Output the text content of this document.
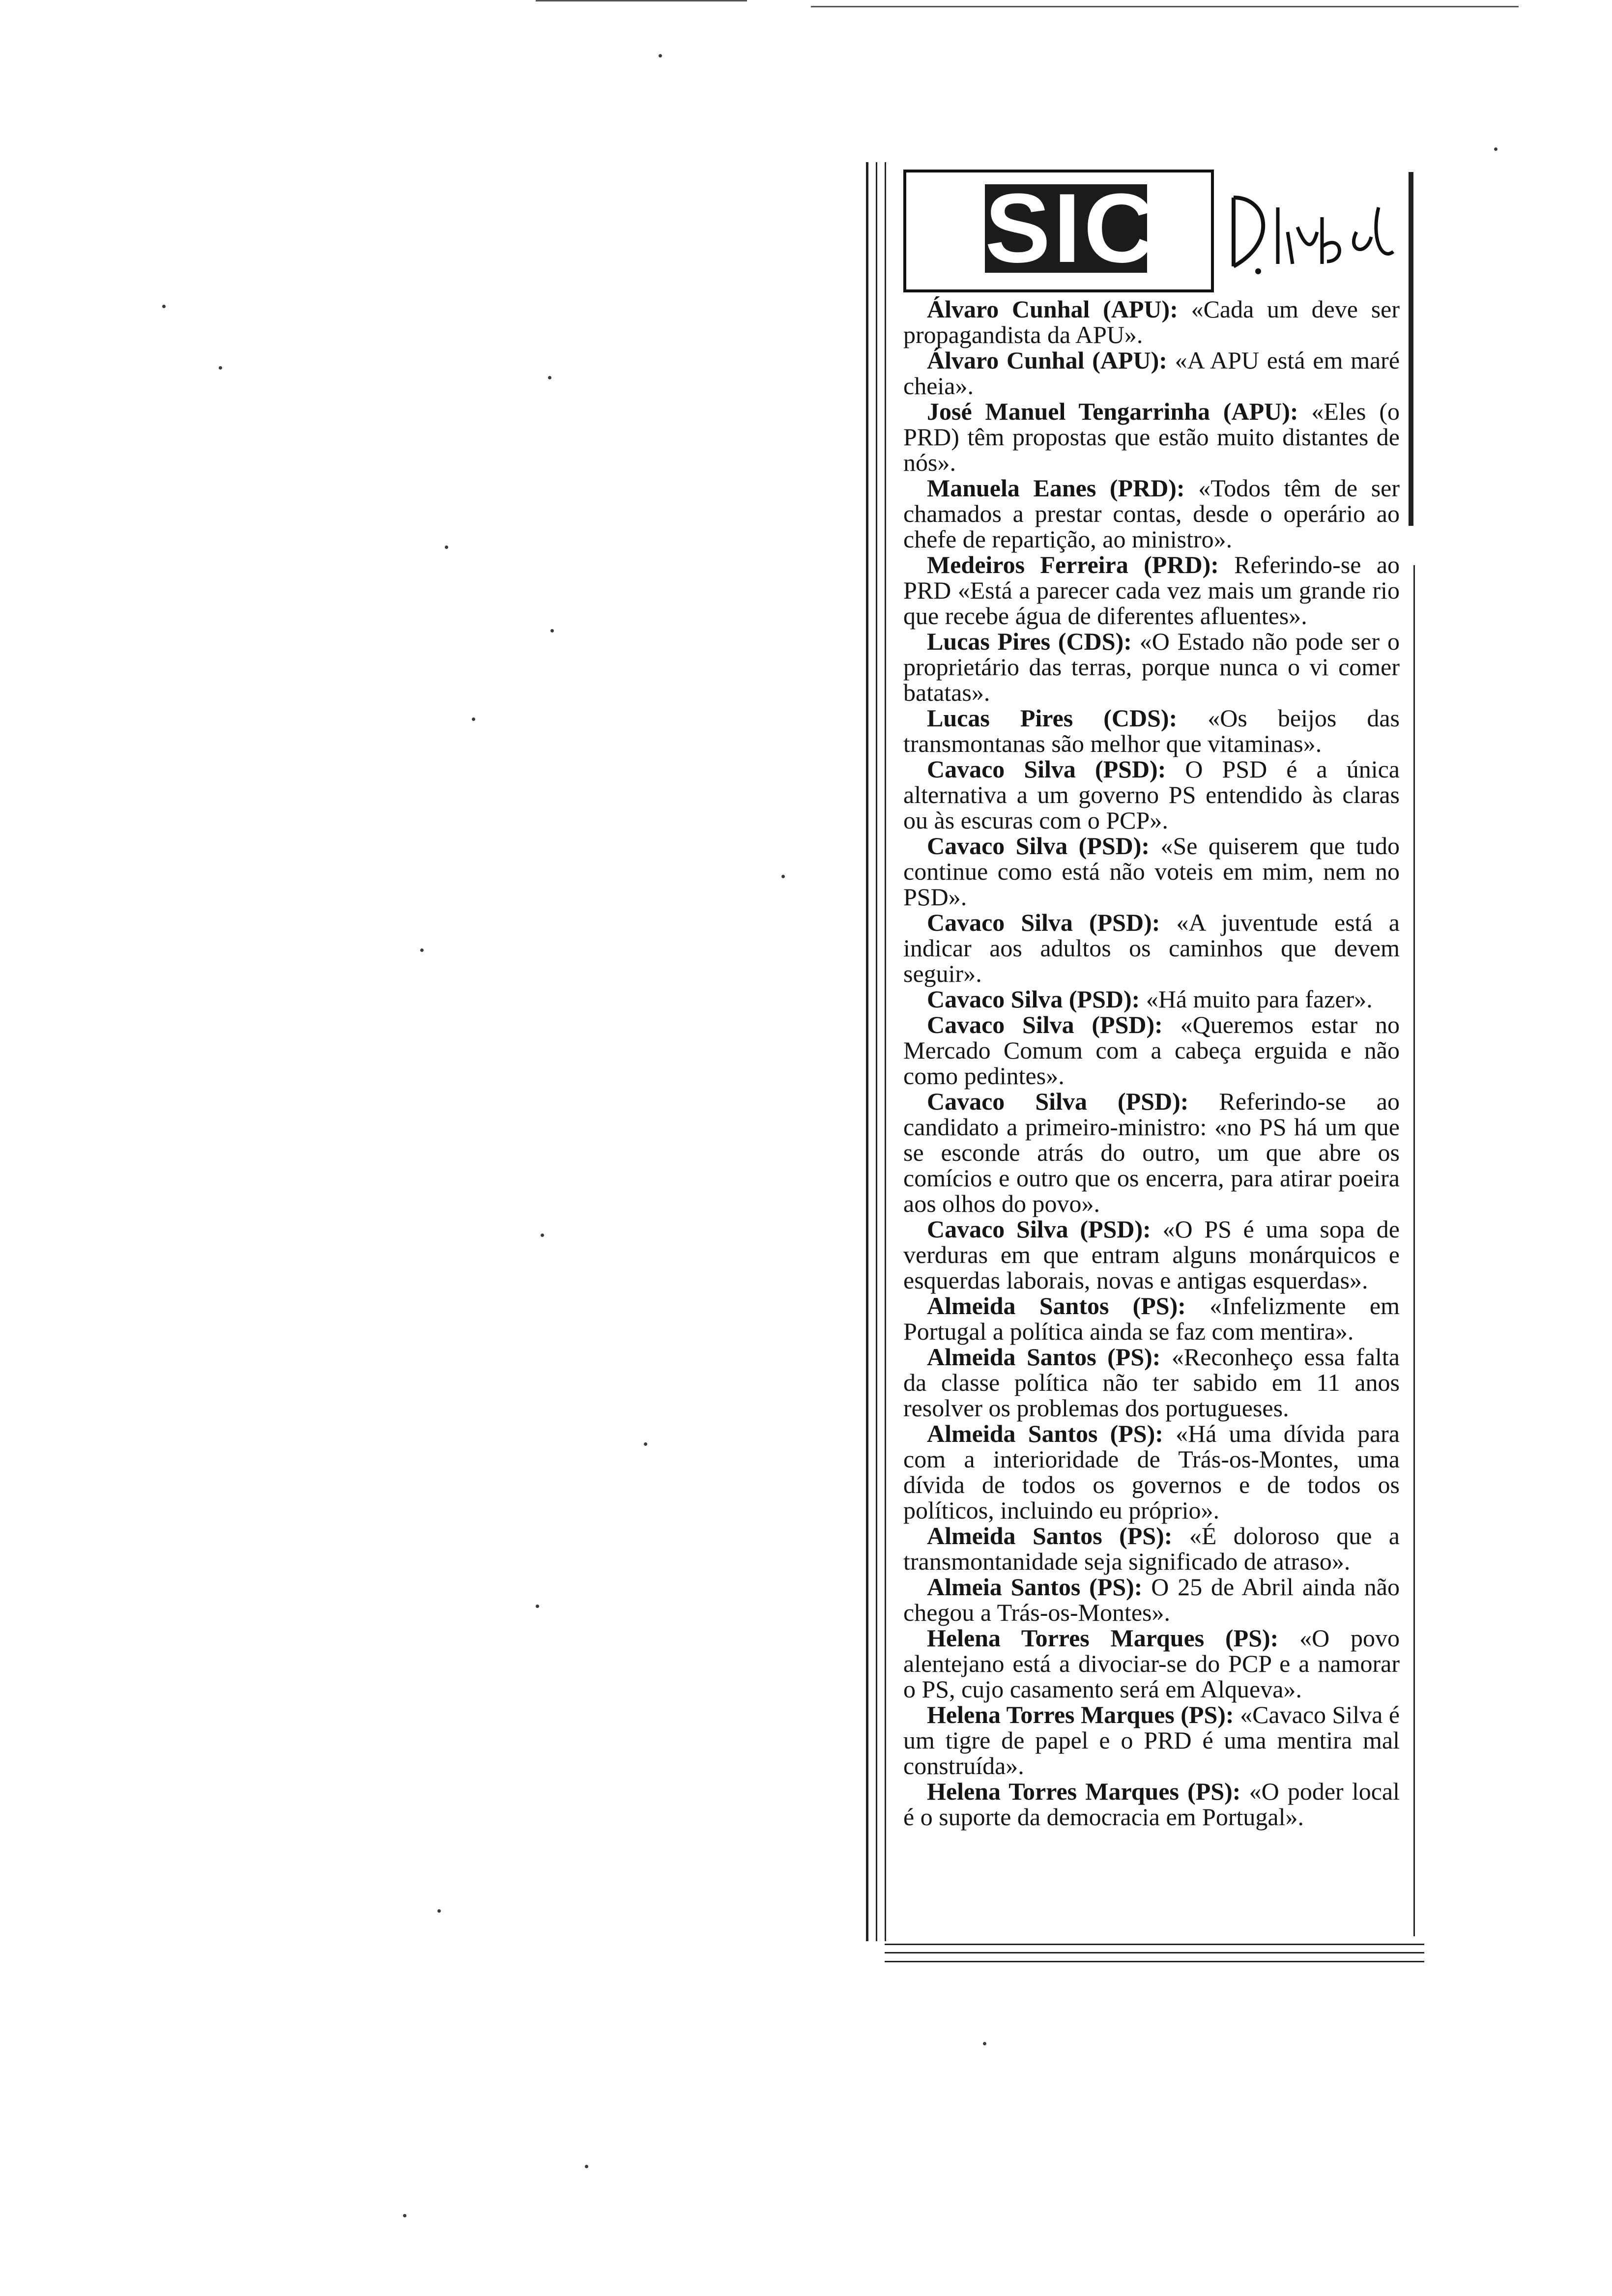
SIC

Álvaro Cunhal (APU): «Cada um deve ser propagandista da APU».

Álvaro Cunhal (APU): «A APU está em maré cheia».

José Manuel Tengarrinha (APU): «Eles (o PRD) têm propostas que estão muito distantes de nós».

Manuela Eanes (PRD): «Todos têm de ser chamados a prestar contas, desde o operário ao chefe de repartição, ao ministro».

Medeiros Ferreira (PRD): Referindo-se ao PRD «Está a parecer cada vez mais um grande rio que recebe água de diferentes afluentes».

Lucas Pires (CDS): «O Estado não pode ser o proprietário das terras, porque nunca o vi comer batatas».

Lucas Pires (CDS): «Os beijos das transmontanas são melhor que vitaminas».

Cavaco Silva (PSD): O PSD é a única alternativa a um governo PS entendido às claras ou às escuras com o PCP».

Cavaco Silva (PSD): «Se quiserem que tudo continue como está não voteis em mim, nem no PSD».

Cavaco Silva (PSD): «A juventude está a indicar aos adultos os caminhos que devem seguir».

Cavaco Silva (PSD): «Há muito para fazer».

Cavaco Silva (PSD): «Queremos estar no Mercado Comum com a cabeça erguida e não como pedintes».

Cavaco Silva (PSD): Referindo-se ao candidato a primeiro-ministro: «no PS há um que se esconde atrás do outro, um que abre os comícios e outro que os encerra, para atirar poeira aos olhos do povo».

Cavaco Silva (PSD): «O PS é uma sopa de verduras em que entram alguns monárquicos e esquerdas laborais, novas e antigas esquerdas».

Almeida Santos (PS): «Infelizmente em Portugal a política ainda se faz com mentira».

Almeida Santos (PS): «Reconheço essa falta da classe política não ter sabido em 11 anos resolver os problemas dos portugueses.

Almeida Santos (PS): «Há uma dívida para com a interioridade de Trás-os-Montes, uma dívida de todos os governos e de todos os políticos, incluindo eu próprio».

Almeida Santos (PS): «É doloroso que a transmontanidade seja significado de atraso».

Almeia Santos (PS): O 25 de Abril ainda não chegou a Trás-os-Montes».

Helena Torres Marques (PS): «O povo alentejano está a divociar-se do PCP e a namorar o PS, cujo casamento será em Alqueva».

Helena Torres Marques (PS): «Cavaco Silva é um tigre de papel e o PRD é uma mentira mal construída».

Helena Torres Marques (PS): «O poder local é o suporte da democracia em Portugal».
